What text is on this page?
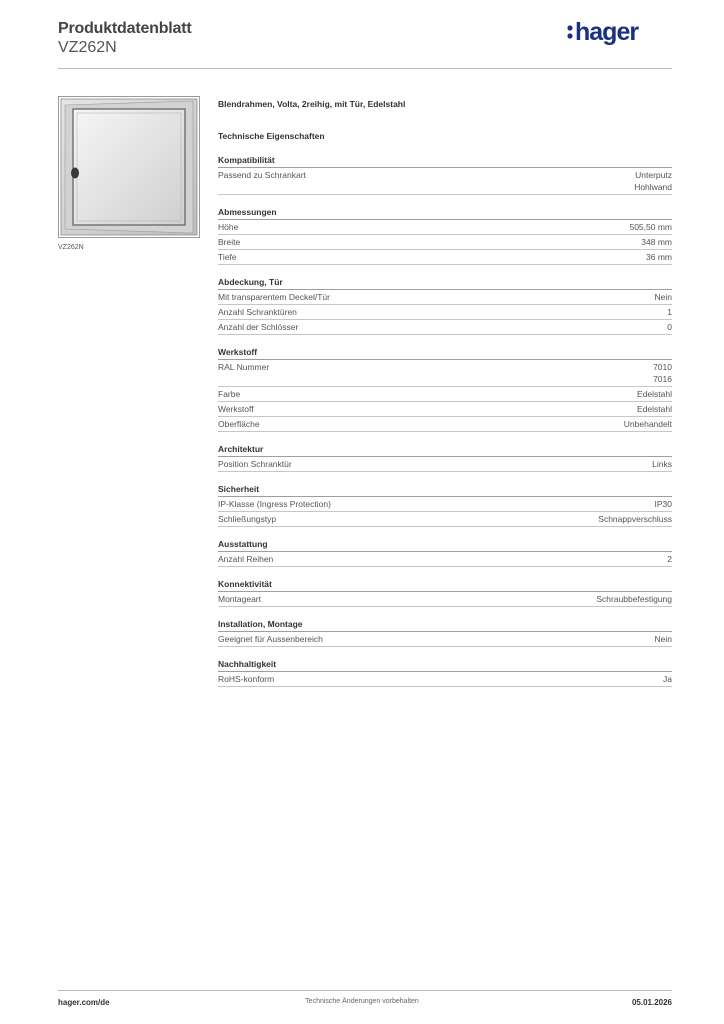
Produktdatenblatt
VZ262N
hager
VZ262N
Blendrahmen, Volta, 2reihig, mit Tür, Edelstahl
Technische Eigenschaften
Kompatibilität
Passend zu Schrankart	Unterputz
Hohlwand
Abmessungen
Höhe	505,50 mm
Breite	348 mm
Tiefe	36 mm
Abdeckung, Tür
Mit transparentem Deckel/Tür	Nein
Anzahl Schranktüren	1
Anzahl der Schlösser	0
Werkstoff
RAL Nummer	7010
7016
Farbe	Edelstahl
Werkstoff	Edelstahl
Oberfläche	Unbehandelt
Architektur
Position Schranktür	Links
Sicherheit
IP-Klasse (Ingress Protection)	IP30
Schließungstyp	Schnappverschluss
Ausstattung
Anzahl Reihen	2
Konnektivität
Montageart	Schraubbefestigung
Installation, Montage
Geeignet für Aussenbereich	Nein
Nachhaltigkeit
RoHS-konform	Ja
hager.com/de	Technische Änderungen vorbehalten	05.01.2026
